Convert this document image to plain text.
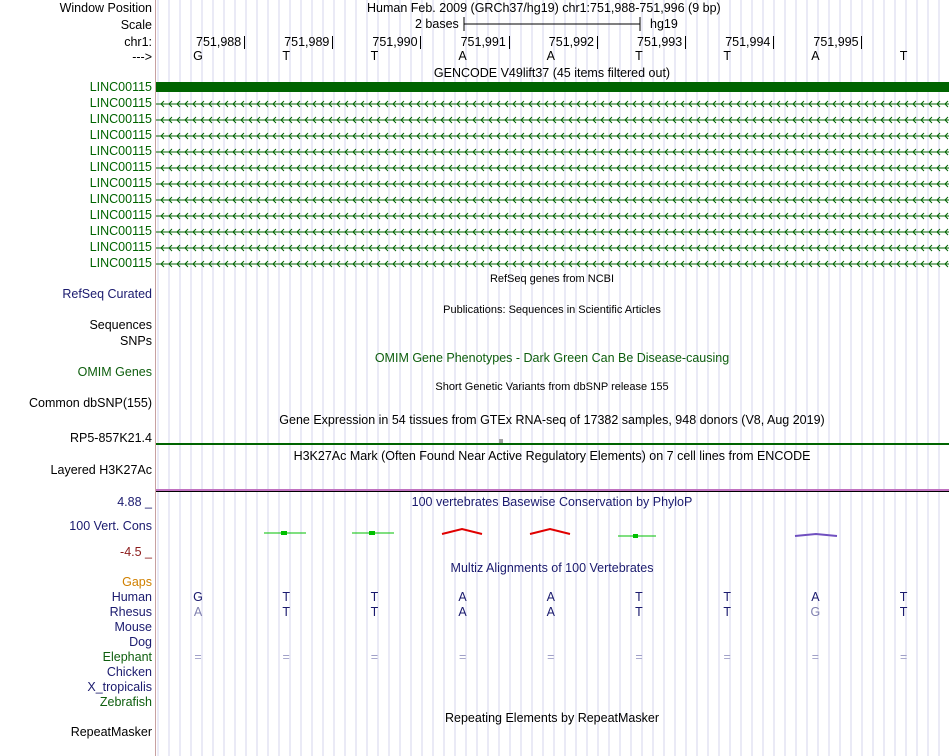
Window Position	Human Feb. 2009 (GRCh37/hg19) chr1:751,988-751,996 (9 bp)
Scale	2 bases	hg19
chr1:	751,988	751,989	751,990	751,991	751,992	751,993	751,994	751,995
--->	G	T	T	A	A	T	T	A	T
GENCODE V49lift37 (45 items filtered out)
LINC00115
LINC00115
LINC00115
LINC00115
LINC00115
LINC00115
LINC00115
LINC00115
LINC00115
LINC00115
LINC00115
LINC00115
RefSeq genes from NCBI
RefSeq Curated
Publications: Sequences in Scientific Articles
Sequences
SNPs
OMIM Gene Phenotypes - Dark Green Can Be Disease-causing
OMIM Genes
Short Genetic Variants from dbSNP release 155
Common dbSNP(155)
Gene Expression in 54 tissues from GTEx RNA-seq of 17382 samples, 948 donors (V8, Aug 2019)
RP5-857K21.4
H3K27Ac Mark (Often Found Near Active Regulatory Elements) on 7 cell lines from ENCODE
Layered H3K27Ac
100 vertebrates Basewise Conservation by PhyloP
4.88 _
100 Vert. Cons
-4.5 _
Multiz Alignments of 100 Vertebrates
Gaps
Human	G	T	T	A	A	T	T	A	T
Rhesus	A	T	T	A	A	T	T	G	T
Mouse
Dog
Elephant	=	=	=	=	=	=	=	=	=
Chicken
X_tropicalis
Zebrafish
Repeating Elements by RepeatMasker
RepeatMasker
